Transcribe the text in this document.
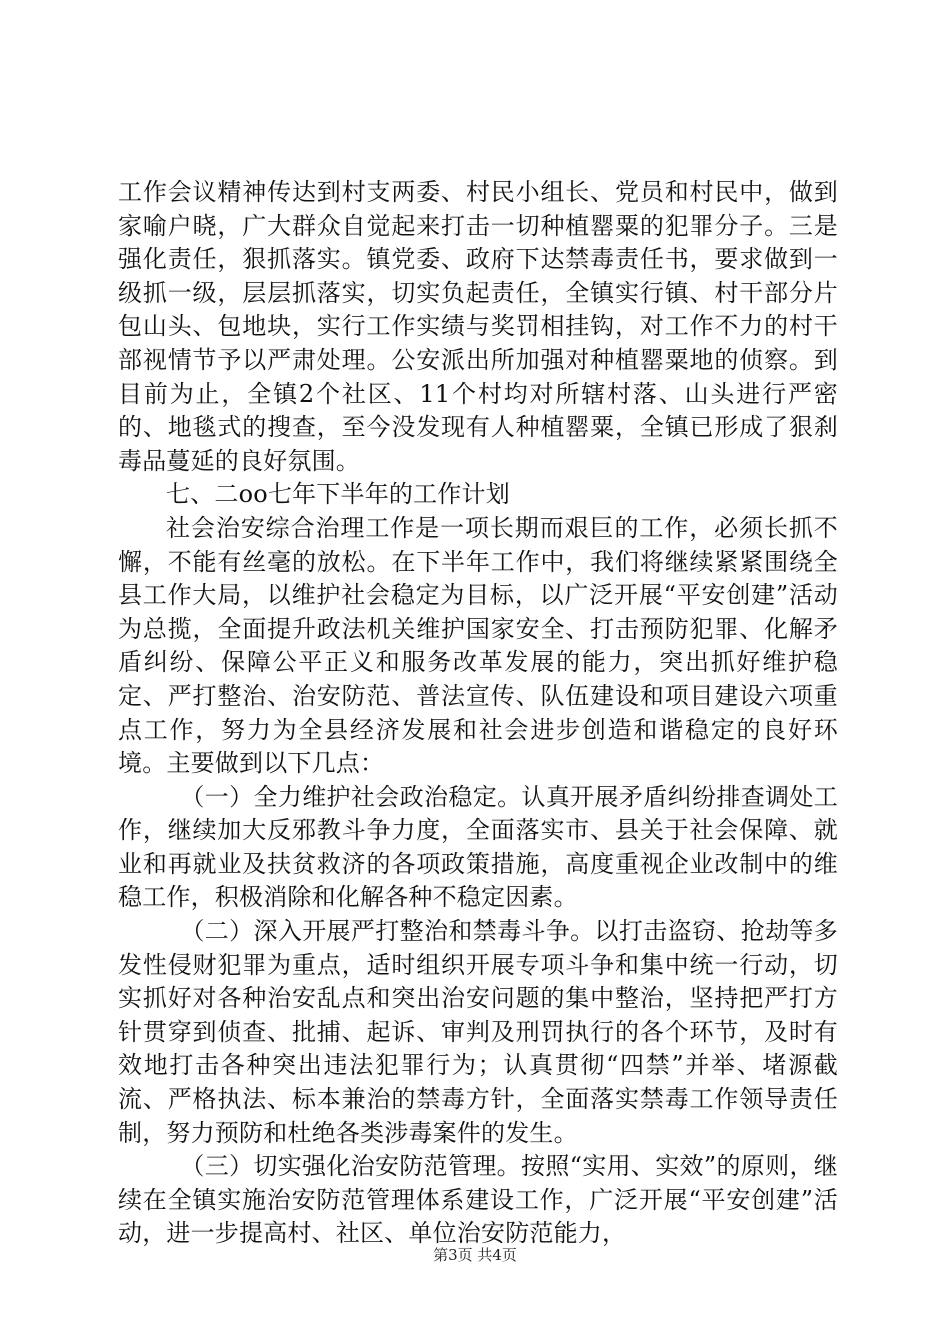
工作会议精神传达到村支两委、村民小组长、党员和村民中，做到家喻户晓，广大群众自觉起来打击一切种植罂粟的犯罪分子。三是强化责任，狠抓落实。镇党委、政府下达禁毒责任书，要求做到一级抓一级，层层抓落实，切实负起责任，全镇实行镇、村干部分片包山头、包地块，实行工作实绩与奖罚相挂钩，对工作不力的村干部视情节予以严肃处理。公安派出所加强对种植罂粟地的侦察。到目前为止，全镇2个社区、11个村均对所辖村落、山头进行严密的、地毯式的搜查，至今没发现有人种植罂粟，全镇已形成了狠刹毒品蔓延的良好氛围。

七、二oo七年下半年的工作计划

社会治安综合治理工作是一项长期而艰巨的工作，必须长抓不懈，不能有丝毫的放松。在下半年工作中，我们将继续紧紧围绕全县工作大局，以维护社会稳定为目标，以广泛开展“平安创建”活动为总揽，全面提升政法机关维护国家安全、打击预防犯罪、化解矛盾纠纷、保障公平正义和服务改革发展的能力，突出抓好维护稳定、严打整治、治安防范、普法宣传、队伍建设和项目建设六项重点工作，努力为全县经济发展和社会进步创造和谐稳定的良好环境。主要做到以下几点：

（一）全力维护社会政治稳定。认真开展矛盾纠纷排查调处工作，继续加大反邪教斗争力度，全面落实市、县关于社会保障、就业和再就业及扶贫救济的各项政策措施，高度重视企业改制中的维稳工作，积极消除和化解各种不稳定因素。

（二）深入开展严打整治和禁毒斗争。以打击盗窃、抢劫等多发性侵财犯罪为重点，适时组织开展专项斗争和集中统一行动，切实抓好对各种治安乱点和突出治安问题的集中整治，坚持把严打方针贯穿到侦查、批捕、起诉、审判及刑罚执行的各个环节，及时有效地打击各种突出违法犯罪行为；认真贯彻“四禁”并举、堵源截流、严格执法、标本兼治的禁毒方针，全面落实禁毒工作领导责任制，努力预防和杜绝各类涉毒案件的发生。

（三）切实强化治安防范管理。按照“实用、实效”的原则，继续在全镇实施治安防范管理体系建设工作，广泛开展“平安创建”活动，进一步提高村、社区、单位治安防范能力，

第3页 共4页
